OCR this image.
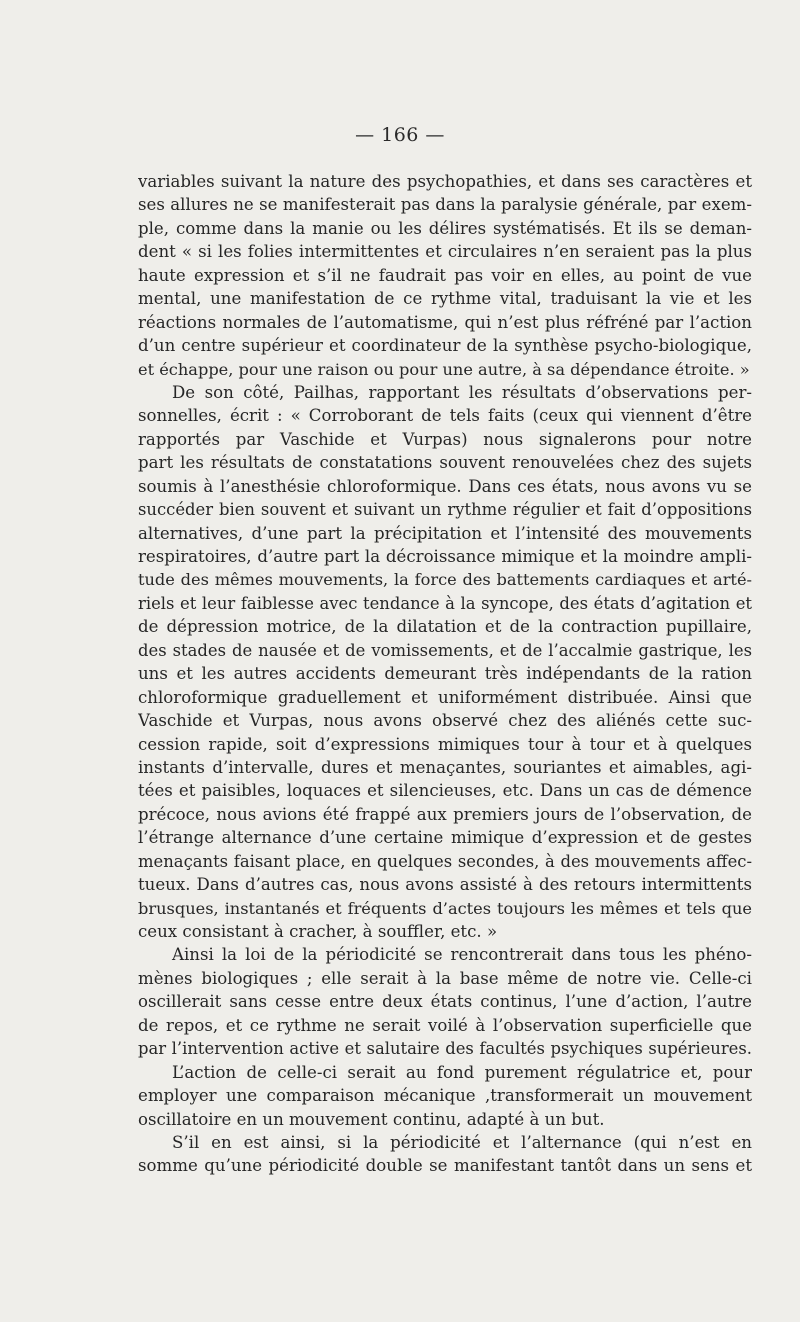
— 166 —
variables suivant la nature des psychopathies, et dans ses caractères et
ses allures ne se manifesterait pas dans la paralysie générale, par exem-
ple, comme dans la manie ou les délires systématisés. Et ils se deman-
dent « si les folies intermittentes et circulaires n’en seraient pas la plus
haute expression et s’il ne faudrait pas voir en elles, au point de vue
mental, une manifestation de ce rythme vital, traduisant la vie et les
réactions normales de l’automatisme, qui n’est plus réfréné par l’action
d’un centre supérieur et coordinateur de la synthèse psycho-biologique,
et échappe, pour une raison ou pour une autre, à sa dépendance étroite. »
De son côté, Pailhas, rapportant les résultats d’observations per-
sonnelles, écrit : « Corroborant de tels faits (ceux qui viennent d’être
rapportés par Vaschide et Vurpas) nous signalerons pour notre
part les résultats de constatations souvent renouvelées chez des sujets
soumis à l’anesthésie chloroformique. Dans ces états, nous avons vu se
succéder bien souvent et suivant un rythme régulier et fait d’oppositions
alternatives, d’une part la précipitation et l’intensité des mouvements
respiratoires, d’autre part la décroissance mimique et la moindre ampli-
tude des mêmes mouvements, la force des battements cardiaques et arté-
riels et leur faiblesse avec tendance à la syncope, des états d’agitation et
de dépression motrice, de la dilatation et de la contraction pupillaire,
des stades de nausée et de vomissements, et de l’accalmie gastrique, les
uns et les autres accidents demeurant très indépendants de la ration
chloroformique graduellement et uniformément distribuée. Ainsi que
Vaschide et Vurpas, nous avons observé chez des aliénés cette suc-
cession rapide, soit d’expressions mimiques tour à tour et à quelques
instants d’intervalle, dures et menaçantes, souriantes et aimables, agi-
tées et paisibles, loquaces et silencieuses, etc. Dans un cas de démence
précoce, nous avions été frappé aux premiers jours de l’observation, de
l’étrange alternance d’une certaine mimique d’expression et de gestes
menaçants faisant place, en quelques secondes, à des mouvements affec-
tueux. Dans d’autres cas, nous avons assisté à des retours intermittents
brusques, instantanés et fréquents d’actes toujours les mêmes et tels que
ceux consistant à cracher, à souffler, etc. »
Ainsi la loi de la périodicité se rencontrerait dans tous les phéno-
mènes biologiques ; elle serait à la base même de notre vie. Celle-ci
oscillerait sans cesse entre deux états continus, l’une d’action, l’autre
de repos, et ce rythme ne serait voilé à l’observation superficielle que
par l’intervention active et salutaire des facultés psychiques supérieures.
L’action de celle-ci serait au fond purement régulatrice et, pour
employer une comparaison mécanique ,transformerait un mouvement
oscillatoire en un mouvement continu, adapté à un but.
S’il en est ainsi, si la périodicité et l’alternance (qui n’est en
somme qu’une périodicité double se manifestant tantôt dans un sens et
